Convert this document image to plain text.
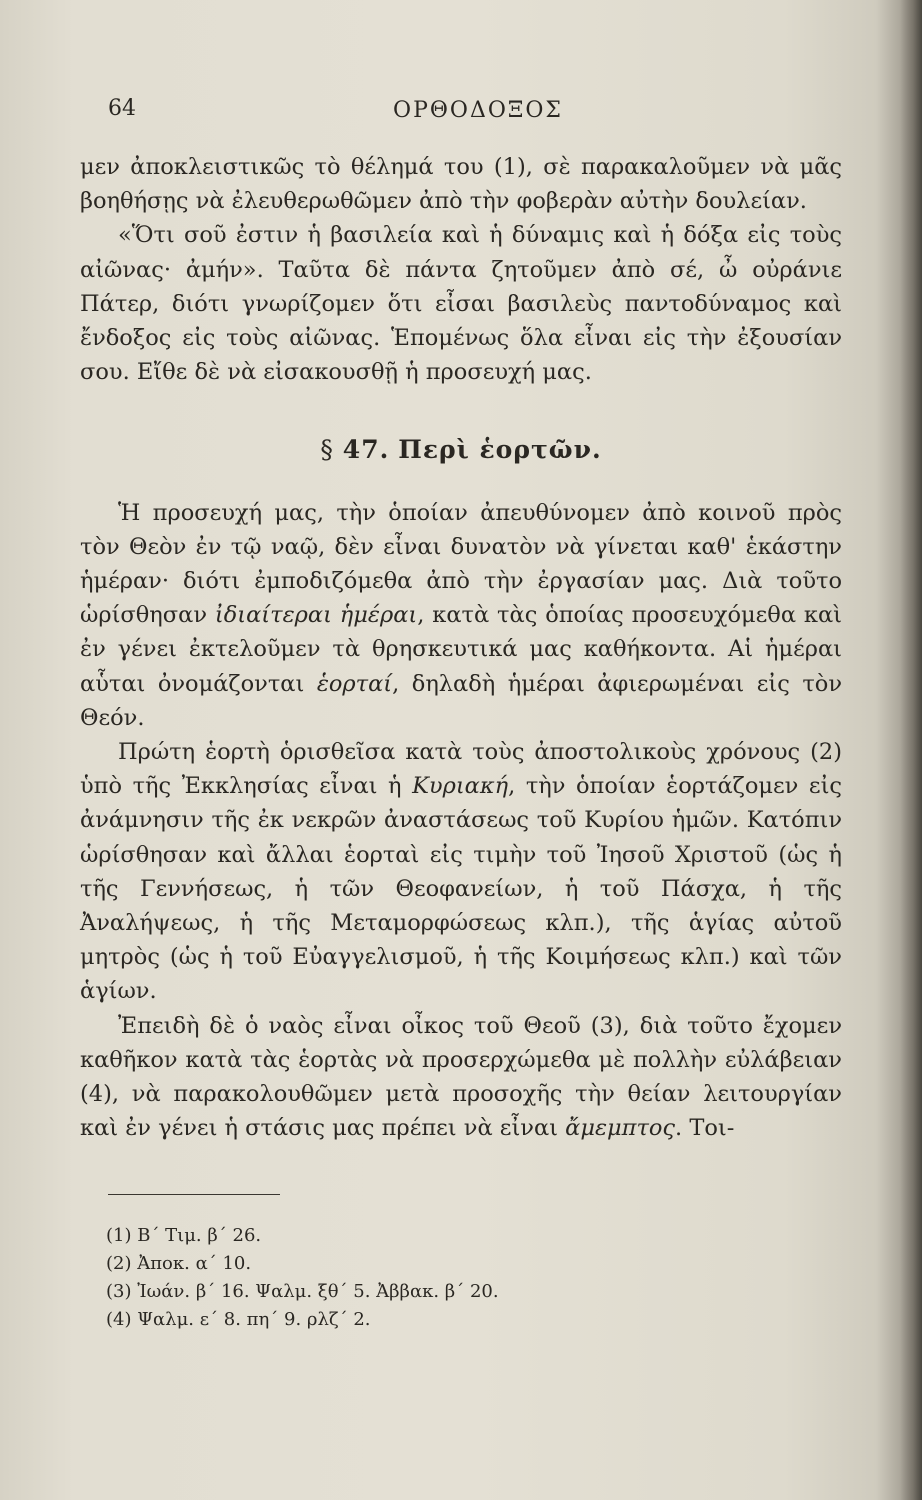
64	ΟΡΘΟΔΟΞΟΣ

μεν ἀποκλειστικῶς τὸ θέλημά του (1), σὲ παρακαλοῦμεν νὰ μᾶς βοηθήσῃς νὰ ἐλευθερωθῶμεν ἀπὸ τὴν φοβερὰν αὐτὴν δουλείαν.

«Ὅτι σοῦ ἐστιν ἡ βασιλεία καὶ ἡ δύναμις καὶ ἡ δόξα εἰς τοὺς αἰῶνας· ἀμήν». Ταῦτα δὲ πάντα ζητοῦμεν ἀπὸ σέ, ὦ οὐράνιε Πάτερ, διότι γνωρίζομεν ὅτι εἶσαι βασιλεὺς παντοδύναμος καὶ ἔνδοξος εἰς τοὺς αἰῶνας. Ἑπομένως ὅλα εἶναι εἰς τὴν ἐξουσίαν σου. Εἴθε δὲ νὰ εἰσακουσθῇ ἡ προσευχή μας.

§ 47. Περὶ ἑορτῶν.

Ἡ προσευχή μας, τὴν ὁποίαν ἀπευθύνομεν ἀπὸ κοινοῦ πρὸς τὸν Θεὸν ἐν τῷ ναῷ, δὲν εἶναι δυνατὸν νὰ γίνεται καθ' ἑκάστην ἡμέραν· διότι ἐμποδιζόμεθα ἀπὸ τὴν ἐργασίαν μας. Διὰ τοῦτο ὡρίσθησαν ἰδιαίτεραι ἡμέραι, κατὰ τὰς ὁποίας προσευχόμεθα καὶ ἐν γένει ἐκτελοῦμεν τὰ θρησκευτικά μας καθήκοντα. Αἱ ἡμέραι αὗται ὀνομάζονται ἑορταί, δηλαδὴ ἡμέραι ἀφιερωμέναι εἰς τὸν Θεόν.

Πρώτη ἑορτὴ ὁρισθεῖσα κατὰ τοὺς ἀποστολικοὺς χρόνους (2) ὑπὸ τῆς Ἐκκλησίας εἶναι ἡ Κυριακή, τὴν ὁποίαν ἑορτάζομεν εἰς ἀνάμνησιν τῆς ἐκ νεκρῶν ἀναστάσεως τοῦ Κυρίου ἡμῶν. Κατόπιν ὡρίσθησαν καὶ ἄλλαι ἑορταὶ εἰς τιμὴν τοῦ Ἰησοῦ Χριστοῦ (ὡς ἡ τῆς Γεννήσεως, ἡ τῶν Θεοφανείων, ἡ τοῦ Πάσχα, ἡ τῆς Ἀναλήψεως, ἡ τῆς Μεταμορφώσεως κλπ.), τῆς ἁγίας αὐτοῦ μητρὸς (ὡς ἡ τοῦ Εὐαγγελισμοῦ, ἡ τῆς Κοιμήσεως κλπ.) καὶ τῶν ἁγίων.

Ἐπειδὴ δὲ ὁ ναὸς εἶναι οἶκος τοῦ Θεοῦ (3), διὰ τοῦτο ἔχομεν καθῆκον κατὰ τὰς ἑορτὰς νὰ προσερχώμεθα μὲ πολλὴν εὐλάβειαν (4), νὰ παρακολουθῶμεν μετὰ προσοχῆς τὴν θείαν λειτουργίαν καὶ ἐν γένει ἡ στάσις μας πρέπει νὰ εἶναι ἄμεμπτος. Τοι-

(1) Β΄ Τιμ. β΄ 26.
(2) Ἀποκ. α΄ 10.
(3) Ἰωάν. β΄ 16. Ψαλμ. ξθ΄ 5. Ἀββακ. β΄ 20.
(4) Ψαλμ. ε΄ 8. πη΄ 9. ρλζ΄ 2.
